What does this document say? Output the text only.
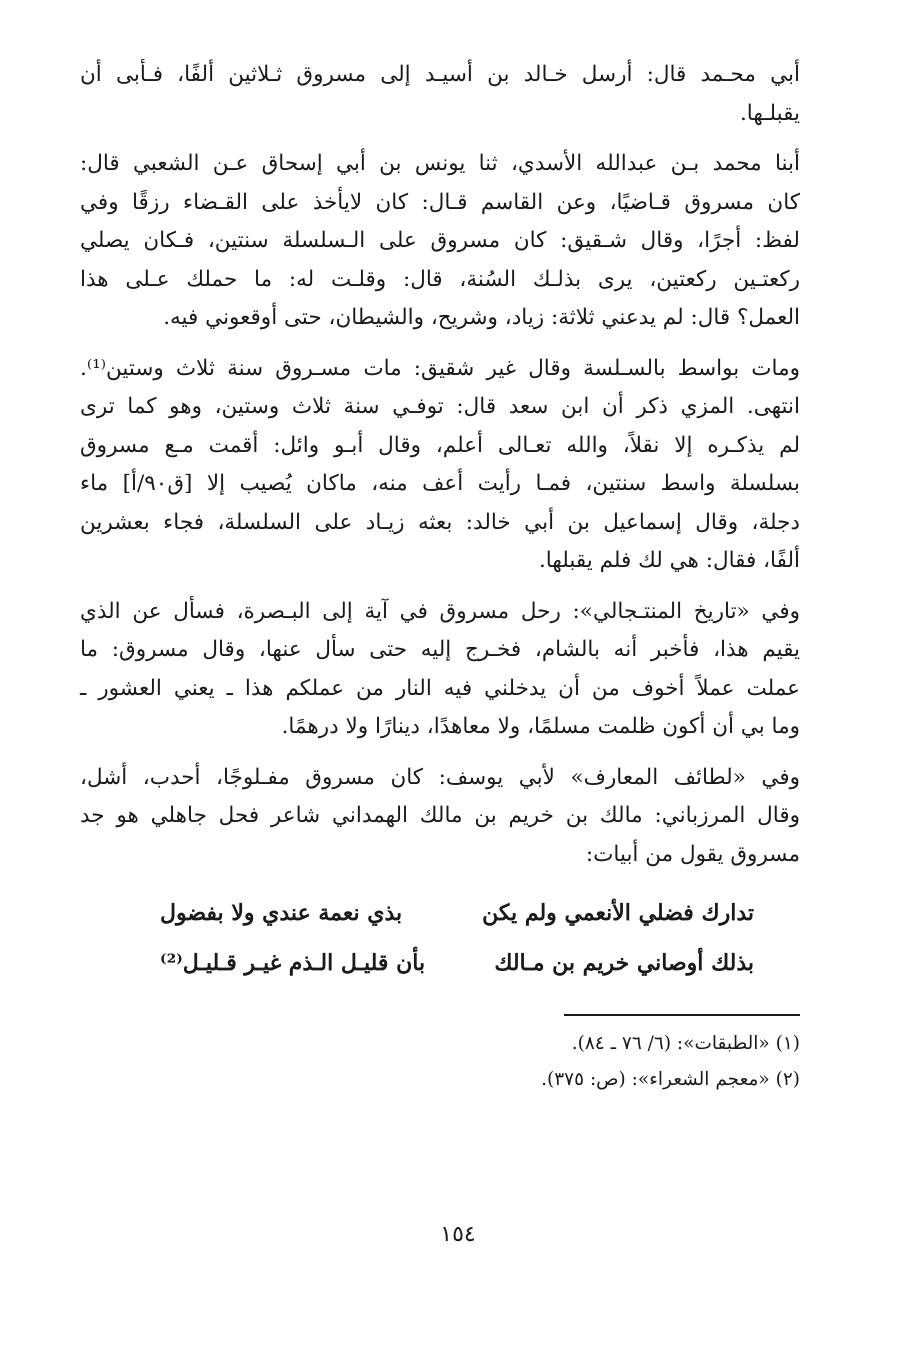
أبي محـمد قال: أرسل خـالد بن أسيـد إلى مسروق ثـلاثين ألفًا، فـأبى أن
يقبلـها.
أبنا محمد بـن عبدالله الأسدي، ثنا يونس بن أبي إسحاق عـن الشعبي قال:
كان مسروق قـاضيًا، وعن القاسم قـال: كان لايأخذ على القـضاء رزقًا وفي
لفظ: أجرًا، وقال شـقيق: كان مسروق على الـسلسلة سنتين، فـكان يصلي
ركعتـين ركعتين، يرى بذلـك السُنة، قال: وقلـت له: ما حملك عـلى هذا
العمل؟ قال: لم يدعني ثلاثة: زياد، وشريح، والشيطان، حتى أوقعوني فيه.
ومات بواسط بالسـلسة وقال غير شقيق: مات مسـروق سنة ثلاث وستين⁽¹⁾.
انتهى. المزي ذكر أن ابن سعد قال: توفـي سنة ثلاث وستين، وهو كما ترى
لم يذكـره إلا نقلاً، والله تعـالى أعلم، وقال أبـو وائل: أقمت مـع مسروق
بسلسلة واسط سنتين، فمـا رأيت أعف منه، ماكان يُصيب إلا [ق٩٠/أ] ماء
دجلة، وقال إسماعيل بن أبي خالد: بعثه زيـاد على السلسلة، فجاء بعشرين
ألفًا، فقال: هي لك فلم يقبلها.
وفي «تاريخ المنتـجالي»: رحل مسروق في آية إلى البـصرة، فسأل عن الذي
يقيم هذا، فأخبر أنه بالشام، فخـرج إليه حتى سأل عنها، وقال مسروق: ما
عملت عملاً أخوف من أن يدخلني فيه النار من عملكم هذا ـ يعني العشور ـ
وما بي أن أكون ظلمت مسلمًا، ولا معاهدًا، دينارًا ولا درهمًا.
وفي «لطائف المعارف» لأبي يوسف: كان مسروق مفـلوجًا، أحدب، أشل،
وقال المرزباني: مالك بن خريم بن مالك الهمداني شاعر فحل جاهلي هو جد
مسروق يقول من أبيات:
تدارك فضلي الأنعمي ولم يكن
بذي نعمة عندي ولا بفضول
بذلك أوصاني خريم بن مـالك
بأن قليـل الـذم غيـر قـليـل⁽²⁾
(١) «الطبقات»: (٦/ ٧٦ ـ ٨٤).
(٢) «معجم الشعراء»: (ص: ٣٧٥).
١٥٤
